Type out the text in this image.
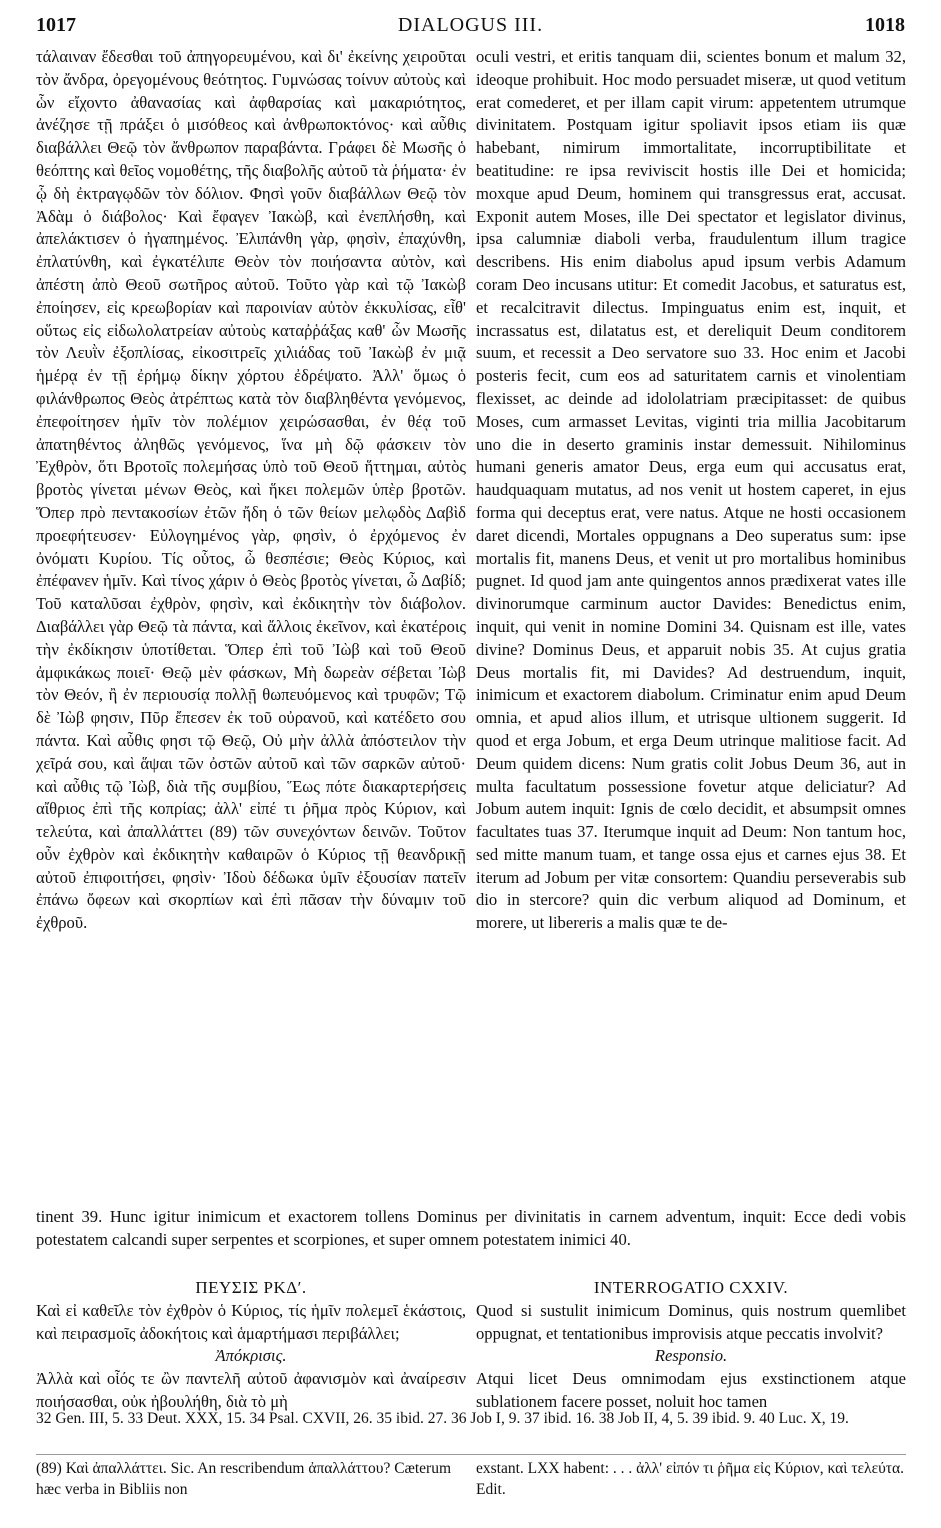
1017	DIALOGUS III.	1018

τάλαιναν ἔδεσθαι τοῦ ἀπηγορευμένου, καὶ δι' ἐκείνης χειροῦται τὸν ἄνδρα, ὀρεγομένους θεότητος. Γυμνώσας τοίνυν αὐτοὺς καὶ ὧν εἴχοντο ἀθανασίας καὶ ἀφθαρσίας καὶ μακαριότητος, ἀνέζησε τῇ πράξει ὁ μισόθεος καὶ ἀνθρωποκτόνος· καὶ αὖθις διαβάλλει Θεῷ τὸν ἄνθρωπον παραβάντα. Γράφει δὲ Μωσῆς ὁ θεόπτης καὶ θεῖος νομοθέτης, τῆς διαβολῆς αὐτοῦ τὰ ῥήματα· ἐν ᾧ δὴ ἐκτραγῳδῶν τὸν δόλιον. Φησὶ γοῦν διαβάλλων Θεῷ τὸν Ἀδὰμ ὁ διάβολος· Καὶ ἔφαγεν Ἰακὼβ, καὶ ἐνεπλήσθη, καὶ ἀπελάκτισεν ὁ ἠγαπημένος. Ἐλιπάνθη γὰρ, φησὶν, ἐπαχύνθη, ἐπλατύνθη, καὶ ἐγκατέλιπε Θεὸν τὸν ποιήσαντα αὐτὸν, καὶ ἀπέστη ἀπὸ Θεοῦ σωτῆρος αὐτοῦ. Τοῦτο γὰρ καὶ τῷ Ἰακὼβ ἐποίησεν, εἰς κρεωβορίαν καὶ παροινίαν αὐτὸν ἐκκυλίσας, εἶθ' οὕτως εἰς εἰδωλολατρείαν αὐτοὺς καταῤῥάξας καθ' ὧν Μωσῆς τὸν Λευῒν ἐξοπλίσας, εἰκοσιτρεῖς χιλιάδας τοῦ Ἰακὼβ ἐν μιᾷ ἡμέρᾳ ἐν τῇ ἐρήμῳ δίκην χόρτου ἐδρέψατο. Ἀλλ' ὅμως ὁ φιλάνθρωπος Θεὸς ἀτρέπτως κατὰ τὸν διαβληθέντα γενόμενος, ἐπεφοίτησεν ἡμῖν τὸν πολέμιον χειρώσασθαι, ἐν θέᾳ τοῦ ἀπατηθέντος ἀληθῶς γενόμενος, ἵνα μὴ δῷ φάσκειν τὸν Ἐχθρὸν, ὅτι Βροτοῖς πολεμήσας ὑπὸ τοῦ Θεοῦ ἥττημαι, αὐτὸς βροτὸς γίνεται μένων Θεὸς, καὶ ἥκει πολεμῶν ὑπὲρ βροτῶν. Ὅπερ πρὸ πεντακοσίων ἐτῶν ἤδη ὁ τῶν θείων μελῳδὸς Δαβὶδ προεφήτευσεν· Εὐλογημένος γὰρ, φησὶν, ὁ ἐρχόμενος ἐν ὀνόματι Κυρίου. Τίς οὗτος, ὦ θεσπέσιε; Θεὸς Κύριος, καὶ ἐπέφανεν ἡμῖν. Καὶ τίνος χάριν ὁ Θεὸς βροτὸς γίνεται, ὦ Δαβίδ; Τοῦ καταλῦσαι ἐχθρὸν, φησὶν, καὶ ἐκδικητὴν τὸν διάβολον. Διαβάλλει γὰρ Θεῷ τὰ πάντα, καὶ ἄλλοις ἐκεῖνον, καὶ ἑκατέροις τὴν ἐκδίκησιν ὑποτίθεται. Ὅπερ ἐπὶ τοῦ Ἰὼβ καὶ τοῦ Θεοῦ ἀμφικάκως ποιεῖ· Θεῷ μὲν φάσκων, Μὴ δωρεὰν σέβεται Ἰὼβ τὸν Θεόν, ἢ ἐν περιουσίᾳ πολλῇ θωπευόμενος καὶ τρυφῶν; Τῷ δὲ Ἰὼβ φησιν, Πῦρ ἔπεσεν ἐκ τοῦ οὐρανοῦ, καὶ κατέδετο σου πάντα. Καὶ αὖθις φησι τῷ Θεῷ, Οὐ μὴν ἀλλὰ ἀπόστειλον τὴν χεῖρά σου, καὶ ἅψαι τῶν ὀστῶν αὐτοῦ καὶ τῶν σαρκῶν αὐτοῦ· καὶ αὖθις τῷ Ἰὼβ, διὰ τῆς συμβίου, Ἕως πότε διακαρτερήσεις αἴθριος ἐπὶ τῆς κοπρίας; ἀλλ' εἰπέ τι ῥῆμα πρὸς Κύριον, καὶ τελεύτα, καὶ ἀπαλλάττει (89) τῶν συνεχόντων δεινῶν. Τοῦτον οὖν ἐχθρὸν καὶ ἐκδικητὴν καθαιρῶν ὁ Κύριος τῇ θεανδρικῇ αὐτοῦ ἐπιφοιτήσει, φησὶν· Ἰδοὺ δέδωκα ὑμῖν ἐξουσίαν πατεῖν ἐπάνω ὄφεων καὶ σκορπίων καὶ ἐπὶ πᾶσαν τὴν δύναμιν τοῦ ἐχθροῦ.

oculi vestri, et eritis tanquam dii, scientes bonum et malum 32, ideoque prohibuit. Hoc modo persuadet miseræ, ut quod vetitum erat comederet, et per illam capit virum: appetentem utrumque divinitatem. Postquam igitur spoliavit ipsos etiam iis quæ habebant, nimirum immortalitate, incorruptibilitate et beatitudine: re ipsa reviviscit hostis ille Dei et homicida; moxque apud Deum, hominem qui transgressus erat, accusat. Exponit autem Moses, ille Dei spectator et legislator divinus, ipsa calumniæ diaboli verba, fraudulentum illum tragice describens. His enim diabolus apud ipsum verbis Adamum coram Deo incusans utitur: Et comedit Jacobus, et saturatus est, et recalcitravit dilectus. Impinguatus enim est, inquit, et incrassatus est, dilatatus est, et dereliquit Deum conditorem suum, et recessit a Deo servatore suo 33. Hoc enim et Jacobi posteris fecit, cum eos ad saturitatem carnis et vinolentiam flexisset, ac deinde ad idololatriam præcipitasset: de quibus Moses, cum armasset Levitas, viginti tria millia Jacobitarum uno die in deserto graminis instar demessuit. Nihilominus humani generis amator Deus, erga eum qui accusatus erat, haudquaquam mutatus, ad nos venit ut hostem caperet, in ejus forma qui deceptus erat, vere natus. Atque ne hosti occasionem daret dicendi, Mortales oppugnans a Deo superatus sum: ipse mortalis fit, manens Deus, et venit ut pro mortalibus hominibus pugnet. Id quod jam ante quingentos annos prædixerat vates ille divinorumque carminum auctor Davides: Benedictus enim, inquit, qui venit in nomine Domini 34. Quisnam est ille, vates divine? Dominus Deus, et apparuit nobis 35. At cujus gratia Deus mortalis fit, mi Davides? Ad destruendum, inquit, inimicum et exactorem diabolum. Criminatur enim apud Deum omnia, et apud alios illum, et utrisque ultionem suggerit. Id quod et erga Jobum, et erga Deum utrinque malitiose facit. Ad Deum quidem dicens: Num gratis colit Jobus Deum 36, aut in multa facultatum possessione fovetur atque deliciatur? Ad Jobum autem inquit: Ignis de cœlo decidit, et absumpsit omnes facultates tuas 37. Iterumque inquit ad Deum: Non tantum hoc, sed mitte manum tuam, et tange ossa ejus et carnes ejus 38. Et iterum ad Jobum per vitæ consortem: Quandiu perseverabis sub dio in stercore? quin dic verbum aliquod ad Dominum, et morere, ut libereris a malis quæ te de-

tinent 39. Hunc igitur inimicum et exactorem tollens Dominus per divinitatis in carnem adventum, inquit: Ecce dedi vobis potestatem calcandi super serpentes et scorpiones, et super omnem potestatem inimici 40.

ΠΕΥΣΙΣ ΡΚΔʹ.

Καὶ εἰ καθεῖλε τὸν ἐχθρὸν ὁ Κύριος, τίς ἡμῖν πολεμεῖ ἑκάστοις, καὶ πειρασμοῖς ἀδοκήτοις καὶ ἁμαρτήμασι περιβάλλει;

Ἀπόκρισις.

Ἀλλὰ καὶ οἷός τε ὢν παντελῆ αὐτοῦ ἀφανισμὸν καὶ ἀναίρεσιν ποιήσασθαι, οὐκ ἠβουλήθη, διὰ τὸ μὴ

INTERROGATIO CXXIV.

Quod si sustulit inimicum Dominus, quis nostrum quemlibet oppugnat, et tentationibus improvisis atque peccatis involvit?

Responsio.

Atqui licet Deus omnimodam ejus exstinctionem atque sublationem facere posset, noluit hoc tamen

32 Gen. III, 5. 33 Deut. XXX, 15. 34 Psal. CXVII, 26. 35 ibid. 27. 36 Job I, 9. 37 ibid. 16. 38 Job II, 4, 5. 39 ibid. 9. 40 Luc. X, 19.

(89) Καὶ ἀπαλλάττει. Sic. An rescribendum ἀπαλλάττου? Cæterum hæc verba in Bibliis non

exstant. LXX habent: . . . ἀλλ' εἰπόν τι ῥῆμα εἰς Κύριον, καὶ τελεύτα. Edit.
